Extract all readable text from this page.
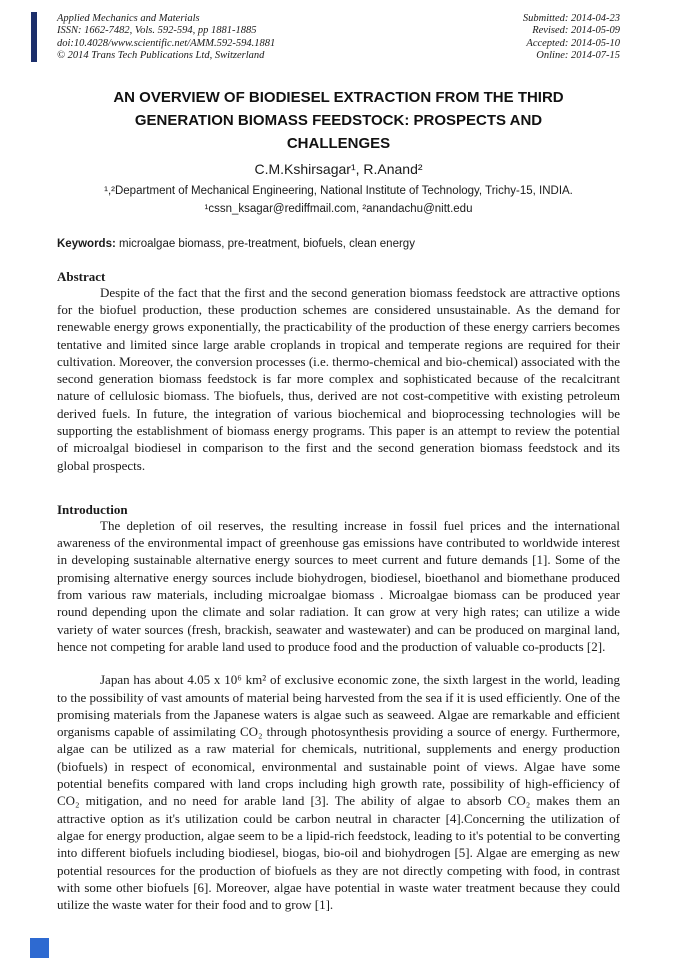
Applied Mechanics and Materials
ISSN: 1662-7482, Vols. 592-594, pp 1881-1885
doi:10.4028/www.scientific.net/AMM.592-594.1881
© 2014 Trans Tech Publications Ltd, Switzerland
Submitted: 2014-04-23
Revised: 2014-05-09
Accepted: 2014-05-10
Online: 2014-07-15
AN OVERVIEW OF BIODIESEL EXTRACTION FROM THE THIRD
GENERATION BIOMASS FEEDSTOCK: PROSPECTS AND
CHALLENGES
C.M.Kshirsagar¹, R.Anand²
¹,²Department of Mechanical Engineering, National Institute of Technology, Trichy-15, INDIA.
¹cssn_ksagar@rediffmail.com, ²anandachu@nitt.edu
Keywords: microalgae biomass, pre-treatment, biofuels, clean energy
Abstract

Despite of the fact that the first and the second generation biomass feedstock are attractive options for the biofuel production, these production schemes are considered unsustainable. As the demand for renewable energy grows exponentially, the practicability of the production of these energy carriers becomes tentative and limited since large arable croplands in tropical and temperate regions are required for their cultivation. Moreover, the conversion processes (i.e. thermo-chemical and bio-chemical) associated with the second generation biomass feedstock is far more complex and sophisticated because of the recalcitrant nature of cellulosic biomass. The biofuels, thus, derived are not cost-competitive with existing petroleum derived fuels. In future, the integration of various biochemical and bioprocessing technologies will be supporting the establishment of biomass energy programs. This paper is an attempt to review the potential of microalgal biodiesel in comparison to the first and the second generation biomass feedstock and its global prospects.

Introduction

The depletion of oil reserves, the resulting increase in fossil fuel prices and the international awareness of the environmental impact of greenhouse gas emissions have contributed to worldwide interest in developing sustainable alternative energy sources to meet current and future demands [1]. Some of the promising alternative energy sources include biohydrogen, biodiesel, bioethanol and biomethane produced from various raw materials, including microalgae biomass . Microalgae biomass can be produced year round depending upon the climate and solar radiation. It can grow at very high rates; can utilize a wide variety of water sources (fresh, brackish, seawater and wastewater) and can be produced on marginal land, hence not competing for arable land used to produce food and the production of valuable co-products [2].

Japan has about 4.05 x 10⁶ km² of exclusive economic zone, the sixth largest in the world, leading to the possibility of vast amounts of material being harvested from the sea if it is used efficiently. One of the promising materials from the Japanese waters is algae such as seaweed. Algae are remarkable and efficient organisms capable of assimilating CO₂ through photosynthesis providing a source of energy. Furthermore, algae can be utilized as a raw material for chemicals, nutritional, supplements and energy production (biofuels) in respect of economical, environmental and sustainable point of views. Algae have some potential benefits compared with land crops including high growth rate, possibility of high-efficiency of CO₂ mitigation, and no need for arable land [3]. The ability of algae to absorb CO₂ makes them an attractive option as it's utilization could be carbon neutral in character [4].Concerning the utilization of algae for energy production, algae seem to be a lipid-rich feedstock, leading to it's potential to be converting into different biofuels including biodiesel, biogas, bio-oil and biohydrogen [5]. Algae are emerging as new potential resources for the production of biofuels as they are not directly competing with food, in contrast with some other biofuels [6]. Moreover, algae have potential in waste water treatment because they could utilize the waste water for their food and to grow [1].
